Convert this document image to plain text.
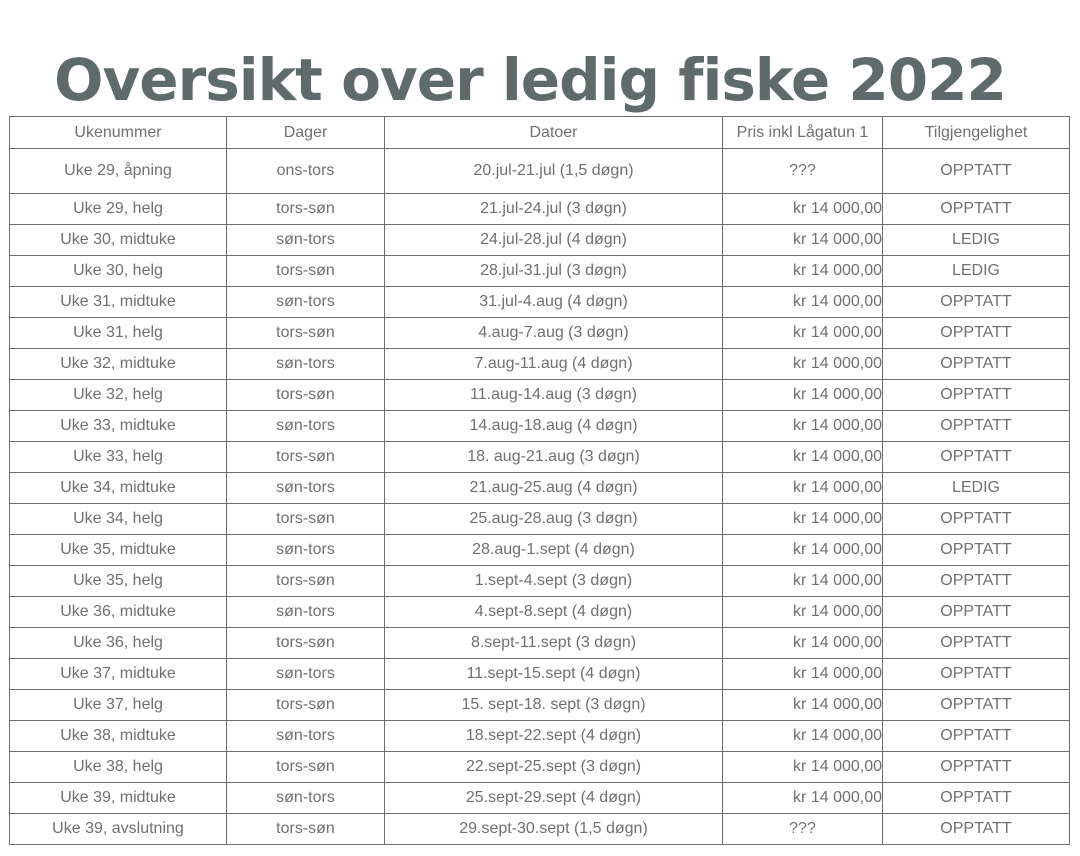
Oversikt over ledig fiske 2022
Ukenummer	Dager	Datoer	Pris inkl Lågatun 1	Tilgjengelighet
Uke 29, åpning	ons-tors	20.jul-21.jul (1,5 døgn)	???	OPPTATT
Uke 29, helg	tors-søn	21.jul-24.jul (3 døgn)	kr 14 000,00	OPPTATT
Uke 30, midtuke	søn-tors	24.jul-28.jul (4 døgn)	kr 14 000,00	LEDIG
Uke 30, helg	tors-søn	28.jul-31.jul (3 døgn)	kr 14 000,00	LEDIG
Uke 31, midtuke	søn-tors	31.jul-4.aug (4 døgn)	kr 14 000,00	OPPTATT
Uke 31, helg	tors-søn	4.aug-7.aug (3 døgn)	kr 14 000,00	OPPTATT
Uke 32, midtuke	søn-tors	7.aug-11.aug (4 døgn)	kr 14 000,00	OPPTATT
Uke 32, helg	tors-søn	11.aug-14.aug (3 døgn)	kr 14 000,00	OPPTATT
Uke 33, midtuke	søn-tors	14.aug-18.aug (4 døgn)	kr 14 000,00	OPPTATT
Uke 33, helg	tors-søn	18. aug-21.aug (3 døgn)	kr 14 000,00	OPPTATT
Uke 34, midtuke	søn-tors	21.aug-25.aug (4 døgn)	kr 14 000,00	LEDIG
Uke 34, helg	tors-søn	25.aug-28.aug (3 døgn)	kr 14 000,00	OPPTATT
Uke 35, midtuke	søn-tors	28.aug-1.sept (4 døgn)	kr 14 000,00	OPPTATT
Uke 35, helg	tors-søn	1.sept-4.sept (3 døgn)	kr 14 000,00	OPPTATT
Uke 36, midtuke	søn-tors	4.sept-8.sept (4 døgn)	kr 14 000,00	OPPTATT
Uke 36, helg	tors-søn	8.sept-11.sept (3 døgn)	kr 14 000,00	OPPTATT
Uke 37, midtuke	søn-tors	11.sept-15.sept (4 døgn)	kr 14 000,00	OPPTATT
Uke 37, helg	tors-søn	15. sept-18. sept (3 døgn)	kr 14 000,00	OPPTATT
Uke 38, midtuke	søn-tors	18.sept-22.sept (4 døgn)	kr 14 000,00	OPPTATT
Uke 38, helg	tors-søn	22.sept-25.sept (3 døgn)	kr 14 000,00	OPPTATT
Uke 39, midtuke	søn-tors	25.sept-29.sept (4 døgn)	kr 14 000,00	OPPTATT
Uke 39, avslutning	tors-søn	29.sept-30.sept (1,5 døgn)	???	OPPTATT
